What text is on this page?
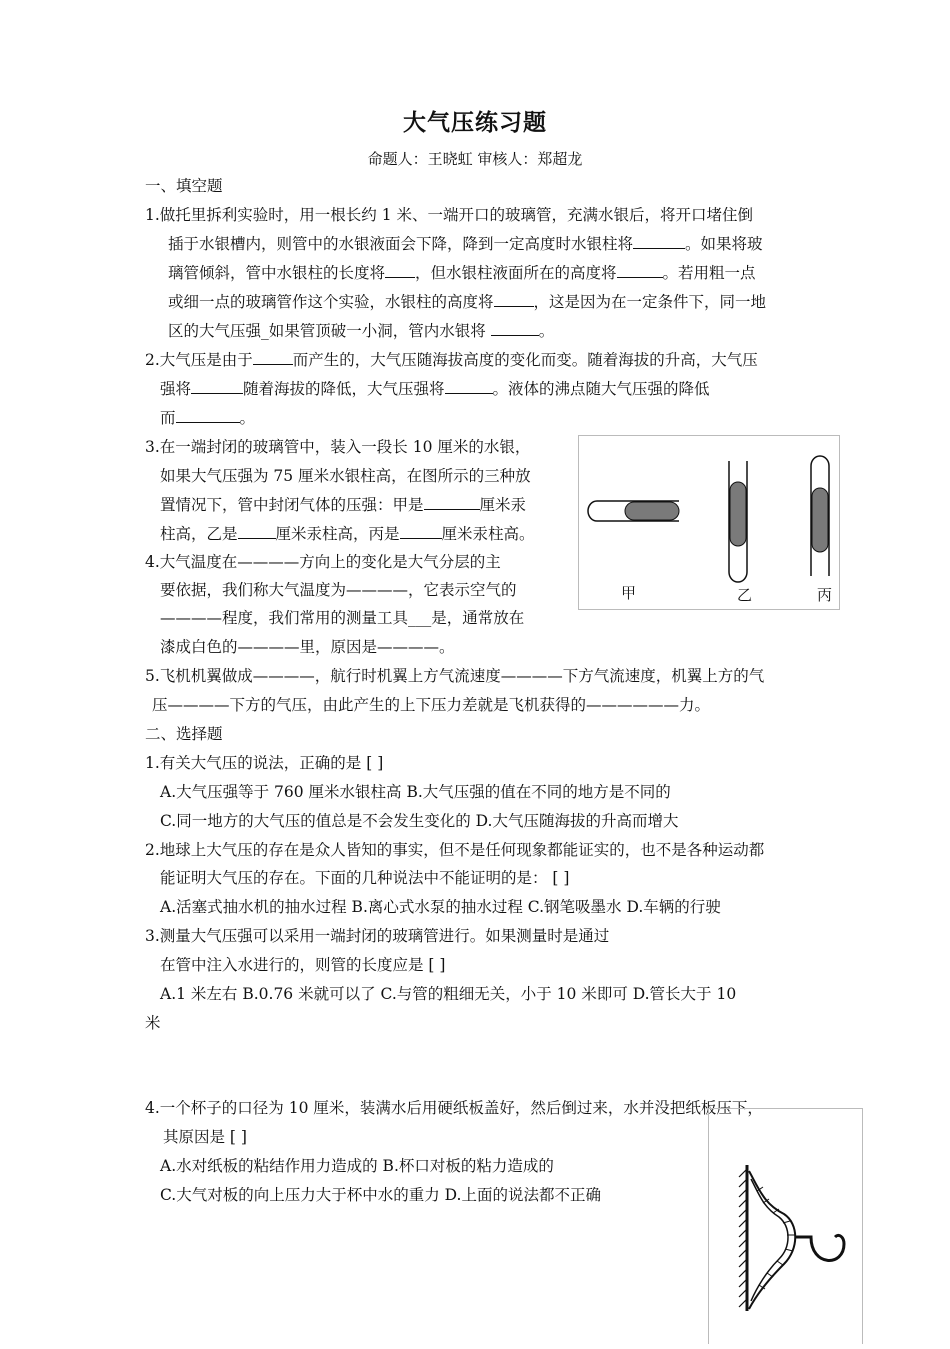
大气压练习题
命题人：王晓虹 审核人：郑超龙
一、填空题
1.做托里拆利实验时，用一根长约 1 米、一端开口的玻璃管，充满水银后，将开口堵住倒
插于水银槽内，则管中的水银液面会下降，降到一定高度时水银柱将	。如果将玻
璃管倾斜，管中水银柱的长度将 ，但水银柱液面所在的高度将	。若用粗一点
或细一点的玻璃管作这个实验，水银柱的高度将	，这是因为在一定条件下，同一地
区的大气压强_如果管顶破一小洞，管内水银将	。
2.大气压是由于	而产生的，大气压随海拔高度的变化而变。随着海拔的升高，大气压
强将	随着海拔的降低，大气压强将	。液体的沸点随大气压强的降低
而	。
3.在一端封闭的玻璃管中，装入一段长 10 厘米的水银，
如果大气压强为 75 厘米水银柱高，在图所示的三种放
置情况下，管中封闭气体的压强：甲是	厘米汞
柱高，乙是 厘米汞柱高，丙是	厘米汞柱高。
4.大气温度在————方向上的变化是大气分层的主
要依据，我们称大气温度为————，它表示空气的
————程度，我们常用的测量工具___是，通常放在
漆成白色的————里，原因是————。
5.飞机机翼做成————，航行时机翼上方气流速度————下方气流速度，机翼上方的气
压————下方的气压，由此产生的上下压力差就是飞机获得的——————力。
二、选择题
1.有关大气压的说法，正确的是 [ ]
A.大气压强等于 760 厘米水银柱高 B.大气压强的值在不同的地方是不同的
C.同一地方的大气压的值总是不会发生变化的 D.大气压随海拔的升高而增大
2.地球上大气压的存在是众人皆知的事实，但不是任何现象都能证实的，也不是各种运动都
能证明大气压的存在。下面的几种说法中不能证明的是： [ ]
A.活塞式抽水机的抽水过程 B.离心式水泵的抽水过程 C.钢笔吸墨水 D.车辆的行驶
3.测量大气压强可以采用一端封闭的玻璃管进行。如果测量时是通过
在管中注入水进行的，则管的长度应是 [ ]
A.1 米左右 B.0.76 米就可以了 C.与管的粗细无关，小于 10 米即可 D.管长大于 10
米
4.一个杯子的口径为 10 厘米，装满水后用硬纸板盖好，然后倒过来，水并没把纸板压下，
其原因是 [ ]
A.水对纸板的粘结作用力造成的 B.杯口对板的粘力造成的
C.大气对板的向上压力大于杯中水的重力 D.上面的说法都不正确
甲	乙	丙
